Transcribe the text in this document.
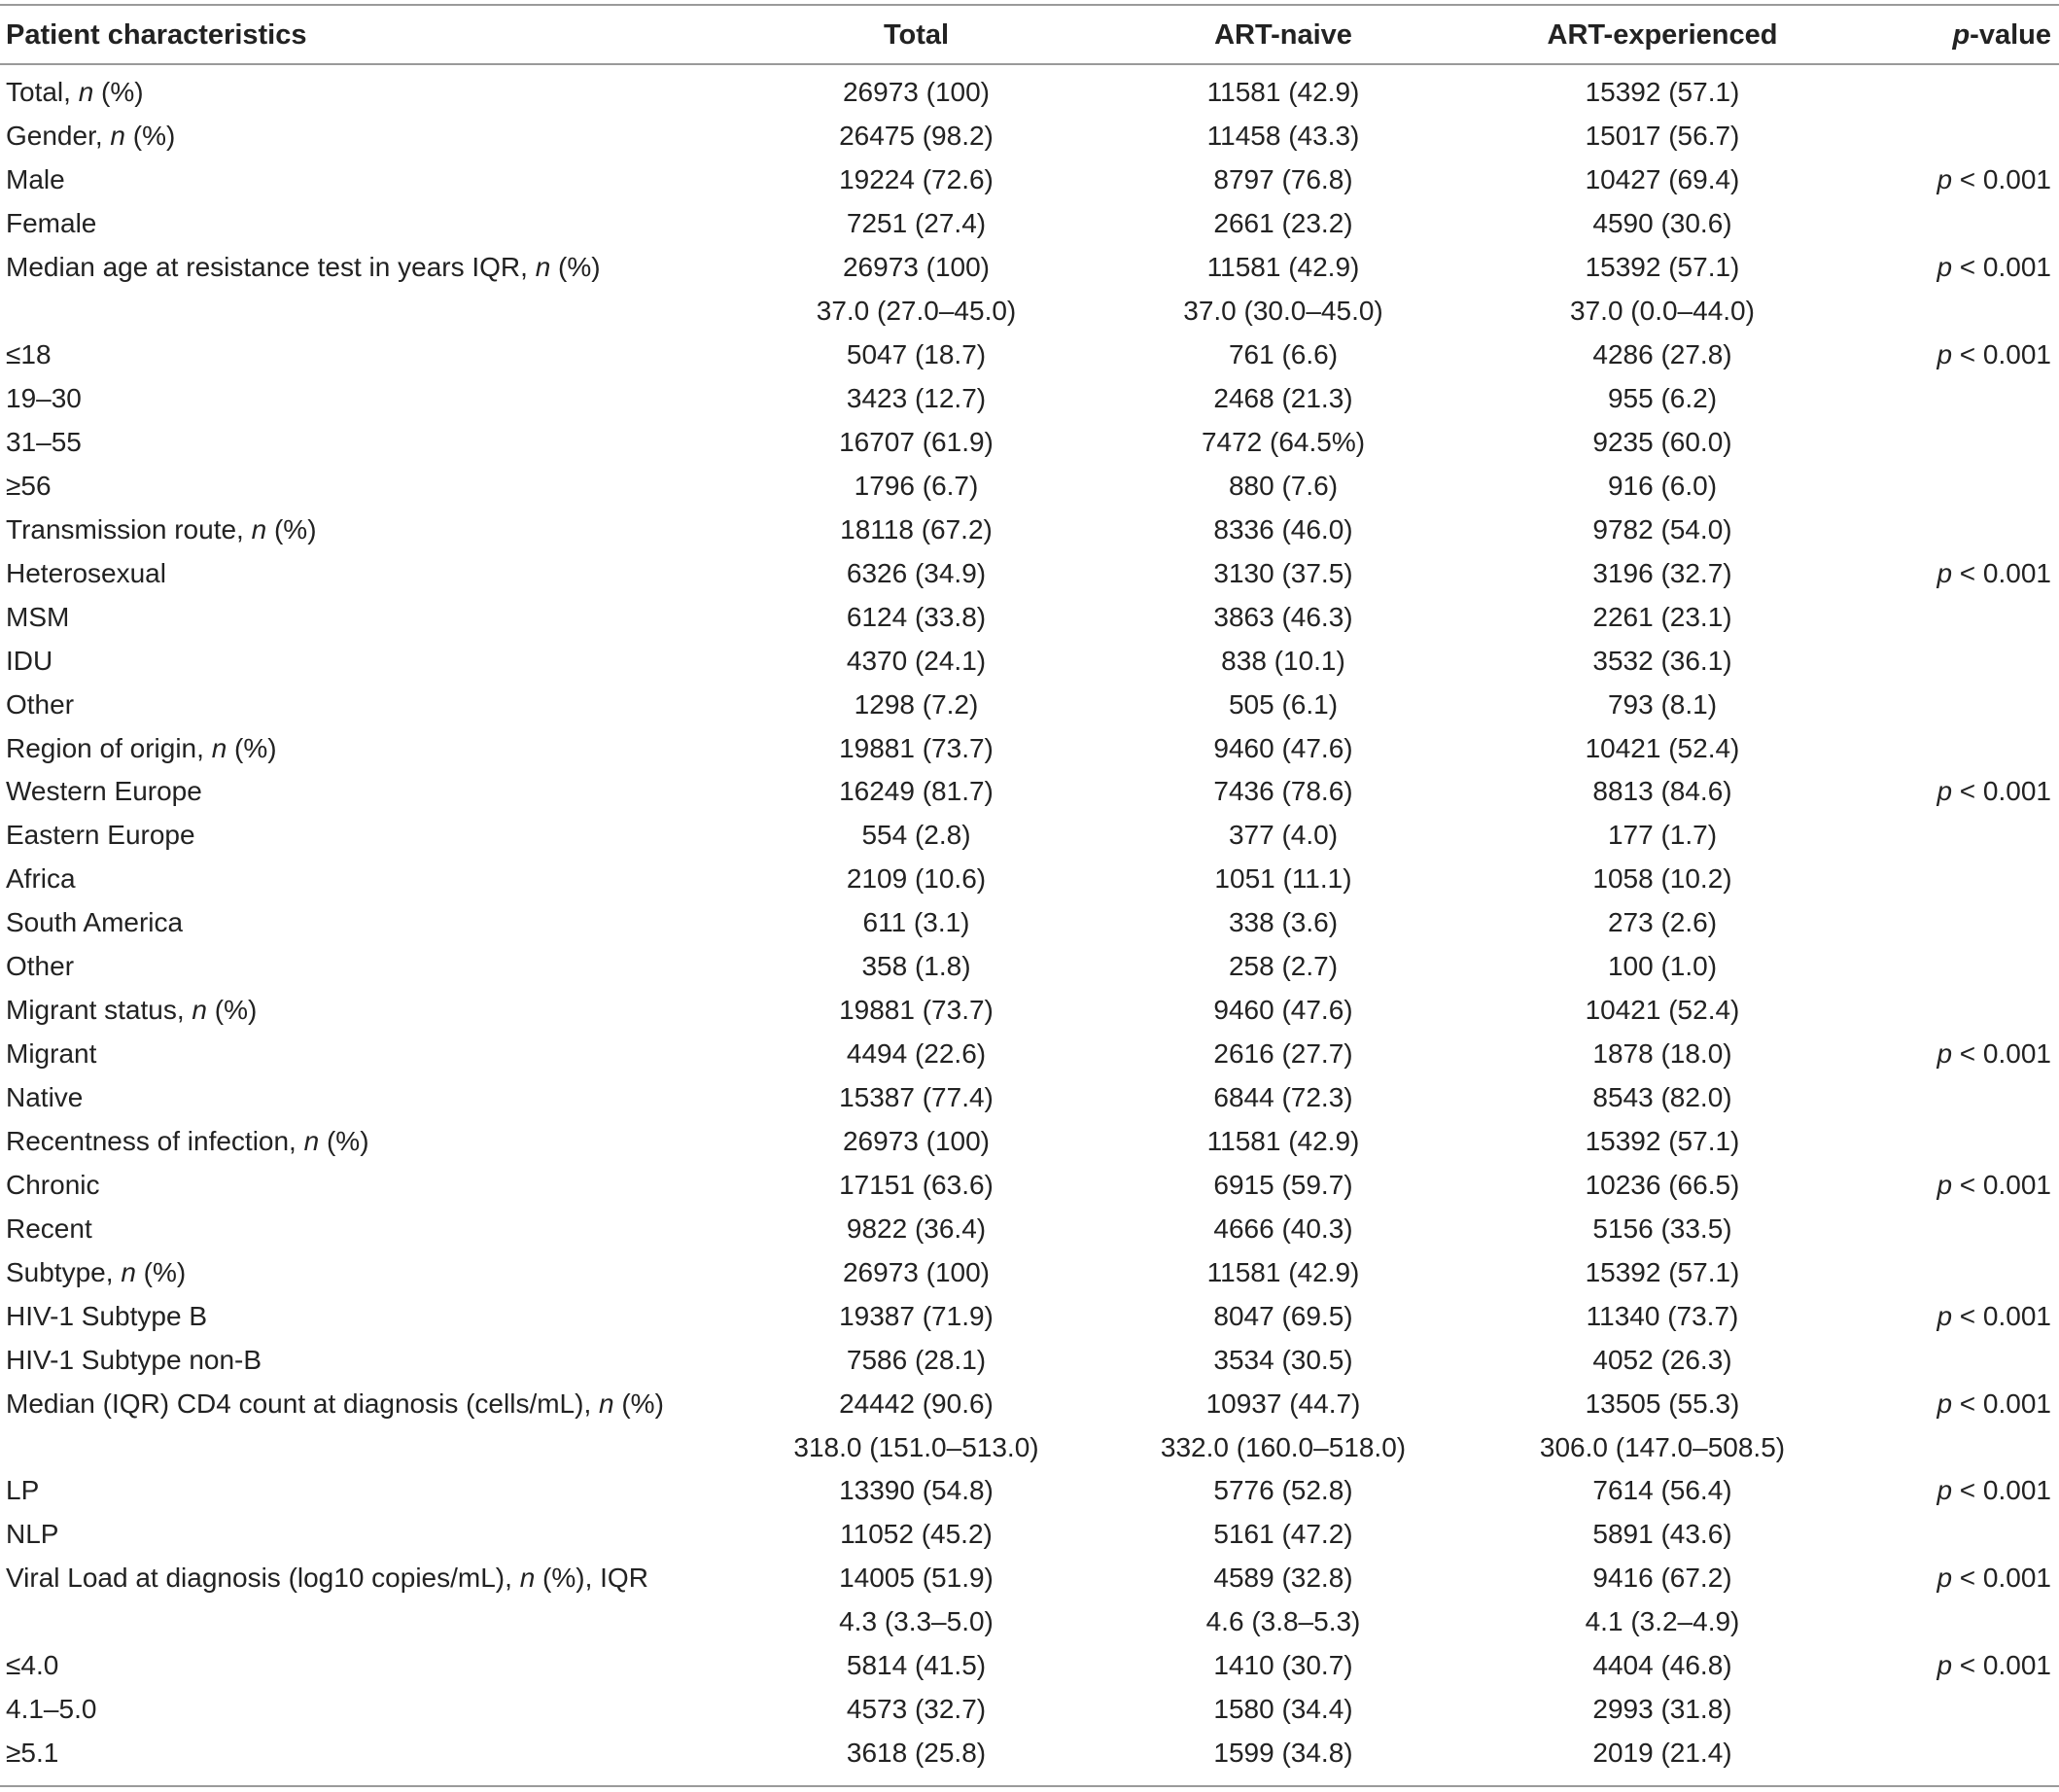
Patient characteristics	Total	ART-naive	ART-experienced	p-value

Total, n (%)	26973 (100)	11581 (42.9)	15392 (57.1)	
Gender, n (%)	26475 (98.2)	11458 (43.3)	15017 (56.7)	
Male	19224 (72.6)	8797 (76.8)	10427 (69.4)	p < 0.001
Female	7251 (27.4)	2661 (23.2)	4590 (30.6)	
Median age at resistance test in years IQR, n (%)	26973 (100)	11581 (42.9)	15392 (57.1)	p < 0.001
	37.0 (27.0–45.0)	37.0 (30.0–45.0)	37.0 (0.0–44.0)	
≤18	5047 (18.7)	761 (6.6)	4286 (27.8)	p < 0.001
19–30	3423 (12.7)	2468 (21.3)	955 (6.2)	
31–55	16707 (61.9)	7472 (64.5%)	9235 (60.0)	
≥56	1796 (6.7)	880 (7.6)	916 (6.0)	
Transmission route, n (%)	18118 (67.2)	8336 (46.0)	9782 (54.0)	
Heterosexual	6326 (34.9)	3130 (37.5)	3196 (32.7)	p < 0.001
MSM	6124 (33.8)	3863 (46.3)	2261 (23.1)	
IDU	4370 (24.1)	838 (10.1)	3532 (36.1)	
Other	1298 (7.2)	505 (6.1)	793 (8.1)	
Region of origin, n (%)	19881 (73.7)	9460 (47.6)	10421 (52.4)	
Western Europe	16249 (81.7)	7436 (78.6)	8813 (84.6)	p < 0.001
Eastern Europe	554 (2.8)	377 (4.0)	177 (1.7)	
Africa	2109 (10.6)	1051 (11.1)	1058 (10.2)	
South America	611 (3.1)	338 (3.6)	273 (2.6)	
Other	358 (1.8)	258 (2.7)	100 (1.0)	
Migrant status, n (%)	19881 (73.7)	9460 (47.6)	10421 (52.4)	
Migrant	4494 (22.6)	2616 (27.7)	1878 (18.0)	p < 0.001
Native	15387 (77.4)	6844 (72.3)	8543 (82.0)	
Recentness of infection, n (%)	26973 (100)	11581 (42.9)	15392 (57.1)	
Chronic	17151 (63.6)	6915 (59.7)	10236 (66.5)	p < 0.001
Recent	9822 (36.4)	4666 (40.3)	5156 (33.5)	
Subtype, n (%)	26973 (100)	11581 (42.9)	15392 (57.1)	
HIV-1 Subtype B	19387 (71.9)	8047 (69.5)	11340 (73.7)	p < 0.001
HIV-1 Subtype non-B	7586 (28.1)	3534 (30.5)	4052 (26.3)	
Median (IQR) CD4 count at diagnosis (cells/mL), n (%)	24442 (90.6)	10937 (44.7)	13505 (55.3)	p < 0.001
	318.0 (151.0–513.0)	332.0 (160.0–518.0)	306.0 (147.0–508.5)	
LP	13390 (54.8)	5776 (52.8)	7614 (56.4)	p < 0.001
NLP	11052 (45.2)	5161 (47.2)	5891 (43.6)	
Viral Load at diagnosis (log10 copies/mL), n (%), IQR	14005 (51.9)	4589 (32.8)	9416 (67.2)	p < 0.001
	4.3 (3.3–5.0)	4.6 (3.8–5.3)	4.1 (3.2–4.9)	
≤4.0	5814 (41.5)	1410 (30.7)	4404 (46.8)	p < 0.001
4.1–5.0	4573 (32.7)	1580 (34.4)	2993 (31.8)	
≥5.1	3618 (25.8)	1599 (34.8)	2019 (21.4)	
